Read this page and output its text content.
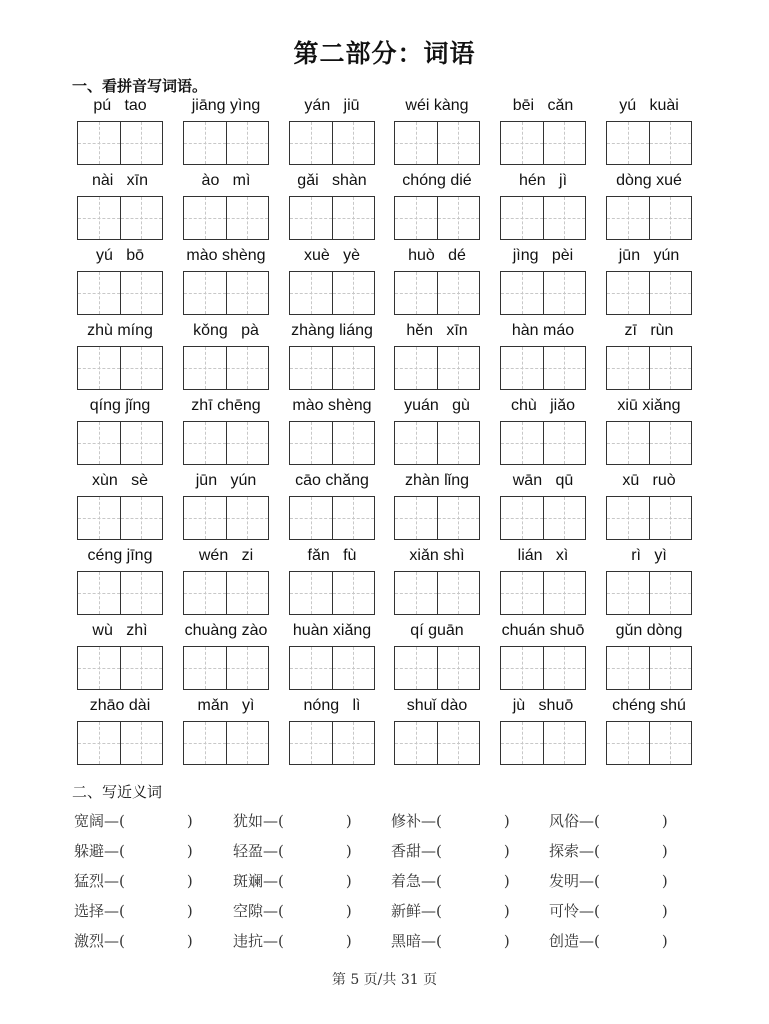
第二部分：词语
一、看拼音写词语。
pú   tao	jiāng yìng	yán   jiū	wéi kàng	bēi   cǎn	yú   kuài
nài   xīn	ào   mì	gǎi   shàn	chóng dié	hén   jì	dòng xué
yú   bō	mào shèng	xuè   yè	huò   dé	jìng   pèi	jūn   yún
zhù míng	kǒng   pà	zhàng liáng	hěn   xīn	hàn máo	zī   rùn
qíng jǐng	zhī chēng	mào shèng	yuán   gù	chù   jiǎo	xiū xiǎng
xùn   sè	jūn   yún	cāo chǎng	zhàn lǐng	wān   qū	xū   ruò
céng jīng	wén   zi	fǎn   fù	xiǎn shì	lián   xì	rì   yì
wù   zhì	chuàng zào	huàn xiǎng	qí guān	chuán shuō	gǔn dòng
zhāo dài	mǎn   yì	nóng   lì	shuǐ dào	jù   shuō	chéng shú
二、写近义词
宽阔—(	)	犹如—(	)	修补—(	)	风俗—(	)
躲避—(	)	轻盈—(	)	香甜—(	)	探索—(	)
猛烈—(	)	斑斓—(	)	着急—(	)	发明—(	)
选择—(	)	空隙—(	)	新鲜—(	)	可怜—(	)
激烈—(	)	违抗—(	)	黑暗—(	)	创造—(	)
第 5 页/共 31 页
